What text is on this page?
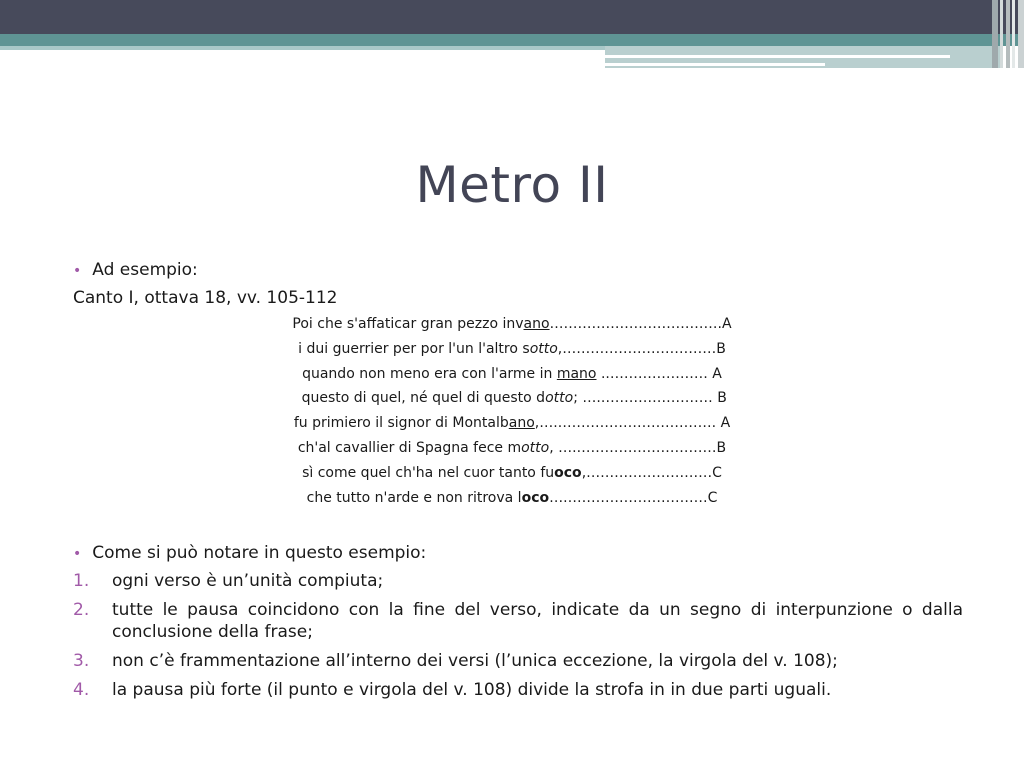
Metro II
• Ad esempio:
Canto I, ottava 18, vv. 105-112
Poi che s'affaticar gran pezzo invano……………………………….A
i dui guerrier per por l'un l'altro sotto,……………………………B
quando non meno era con l'arme in mano ..………………… A
questo di quel, né quel di questo dotto; ….…………………… B
fu primiero il signor di Montalbano,….……………………………. A
ch'al cavallier di Spagna fece motto, ….…………………………B
sì come quel ch'ha nel cuor tanto fuoco,………………………C
che tutto n'arde e non ritrova loco….…………………………C
• Come si può notare in questo esempio:
1.	ogni verso è un’unità compiuta;
2.	tutte le pausa coincidono con la fine del verso, indicate da un segno di interpunzione o dalla conclusione della frase;
3.	non c’è frammentazione all’interno dei versi (l’unica eccezione, la virgola del v. 108);
4.	la pausa più forte (il punto e virgola del v. 108) divide la strofa in in due parti uguali.
